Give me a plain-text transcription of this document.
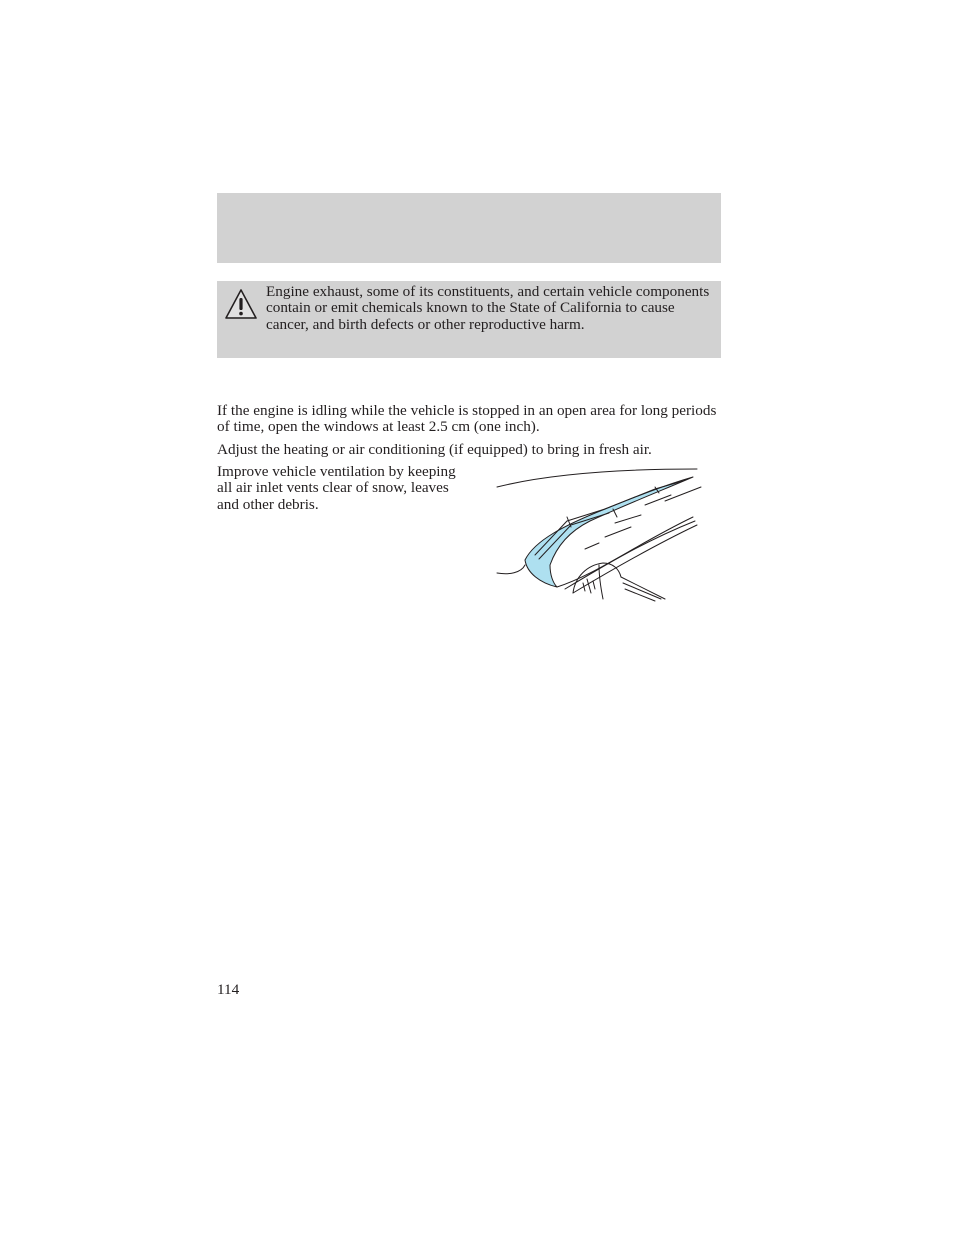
Engine exhaust, some of its constituents, and certain vehicle components contain or emit chemicals known to the State of California to cause cancer, and birth defects or other reproductive harm.

If the engine is idling while the vehicle is stopped in an open area for long periods of time, open the windows at least 2.5 cm (one inch).

Adjust the heating or air conditioning (if equipped) to bring in fresh air.

Improve vehicle ventilation by keeping all air inlet vents clear of snow, leaves and other debris.

114
